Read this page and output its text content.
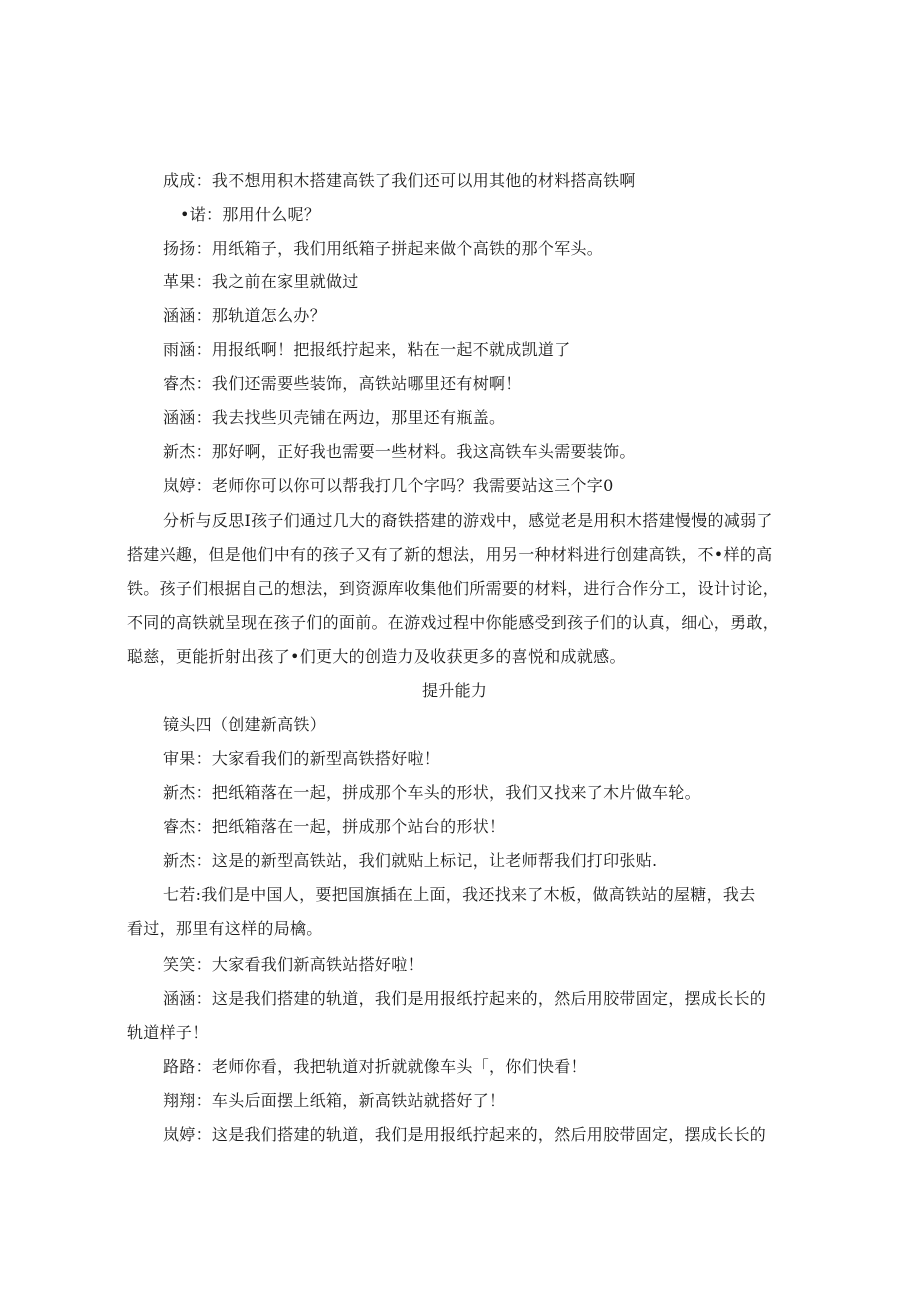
成成：我不想用积木搭建高铁了我们还可以用其他的材料搭高铁啊
•诺：那用什么呢？
扬扬：用纸箱子，我们用纸箱子拼起来做个高铁的那个军头。
革果：我之前在家里就做过
涵涵：那轨道怎么办？
雨涵：用报纸啊！把报纸拧起来，粘在一起不就成凯道了
睿杰：我们还需要些装饰，高铁站哪里还有树啊！
涵涵：我去找些贝壳铺在两边，那里还有瓶盖。
新杰：那好啊，正好我也需要一些材料。我这高铁车头需要装饰。
岚婷：老师你可以你可以帮我打几个字吗？我需要站这三个字0
分析与反思I孩子们通过几大的裔铁搭建的游戏中，感觉老是用积木搭建慢慢的减弱了
搭建兴趣，但是他们中有的孩子又有了新的想法，用另一种材料进行创建高铁，不•样的高
铁。孩子们根据自己的想法，到资源库收集他们所需要的材料，进行合作分工，设计讨论，
不同的高铁就呈现在孩子们的面前。在游戏过程中你能感受到孩子们的认真，细心，勇敢，
聪慈，更能折射出孩了•们更大的创造力及收获更多的喜悦和成就感。
提升能力
镜头四（创建新高铁）
审果：大家看我们的新型高铁搭好啦！
新杰：把纸箱落在一起，拼成那个车头的形状，我们又找来了木片做车轮。
睿杰：把纸箱落在一起，拼成那个站台的形状！
新杰：这是的新型高铁站，我们就贴上标记，让老师帮我们打印张贴.
七若:我们是中国人，要把国旗插在上面，我还找来了木板，做高铁站的屋糖，我去
看过，那里有这样的局檎。
笑笑：大家看我们新高铁站搭好啦！
涵涵：这是我们搭建的轨道，我们是用报纸拧起来的，然后用胶带固定，摆成长长的
轨道样子！
路路：老师你看，我把轨道对折就就像车头「，你们快看！
翔翔：车头后面摆上纸箱，新高铁站就搭好了！
岚婷：这是我们搭建的轨道，我们是用报纸拧起来的，然后用胶带固定，摆成长长的
